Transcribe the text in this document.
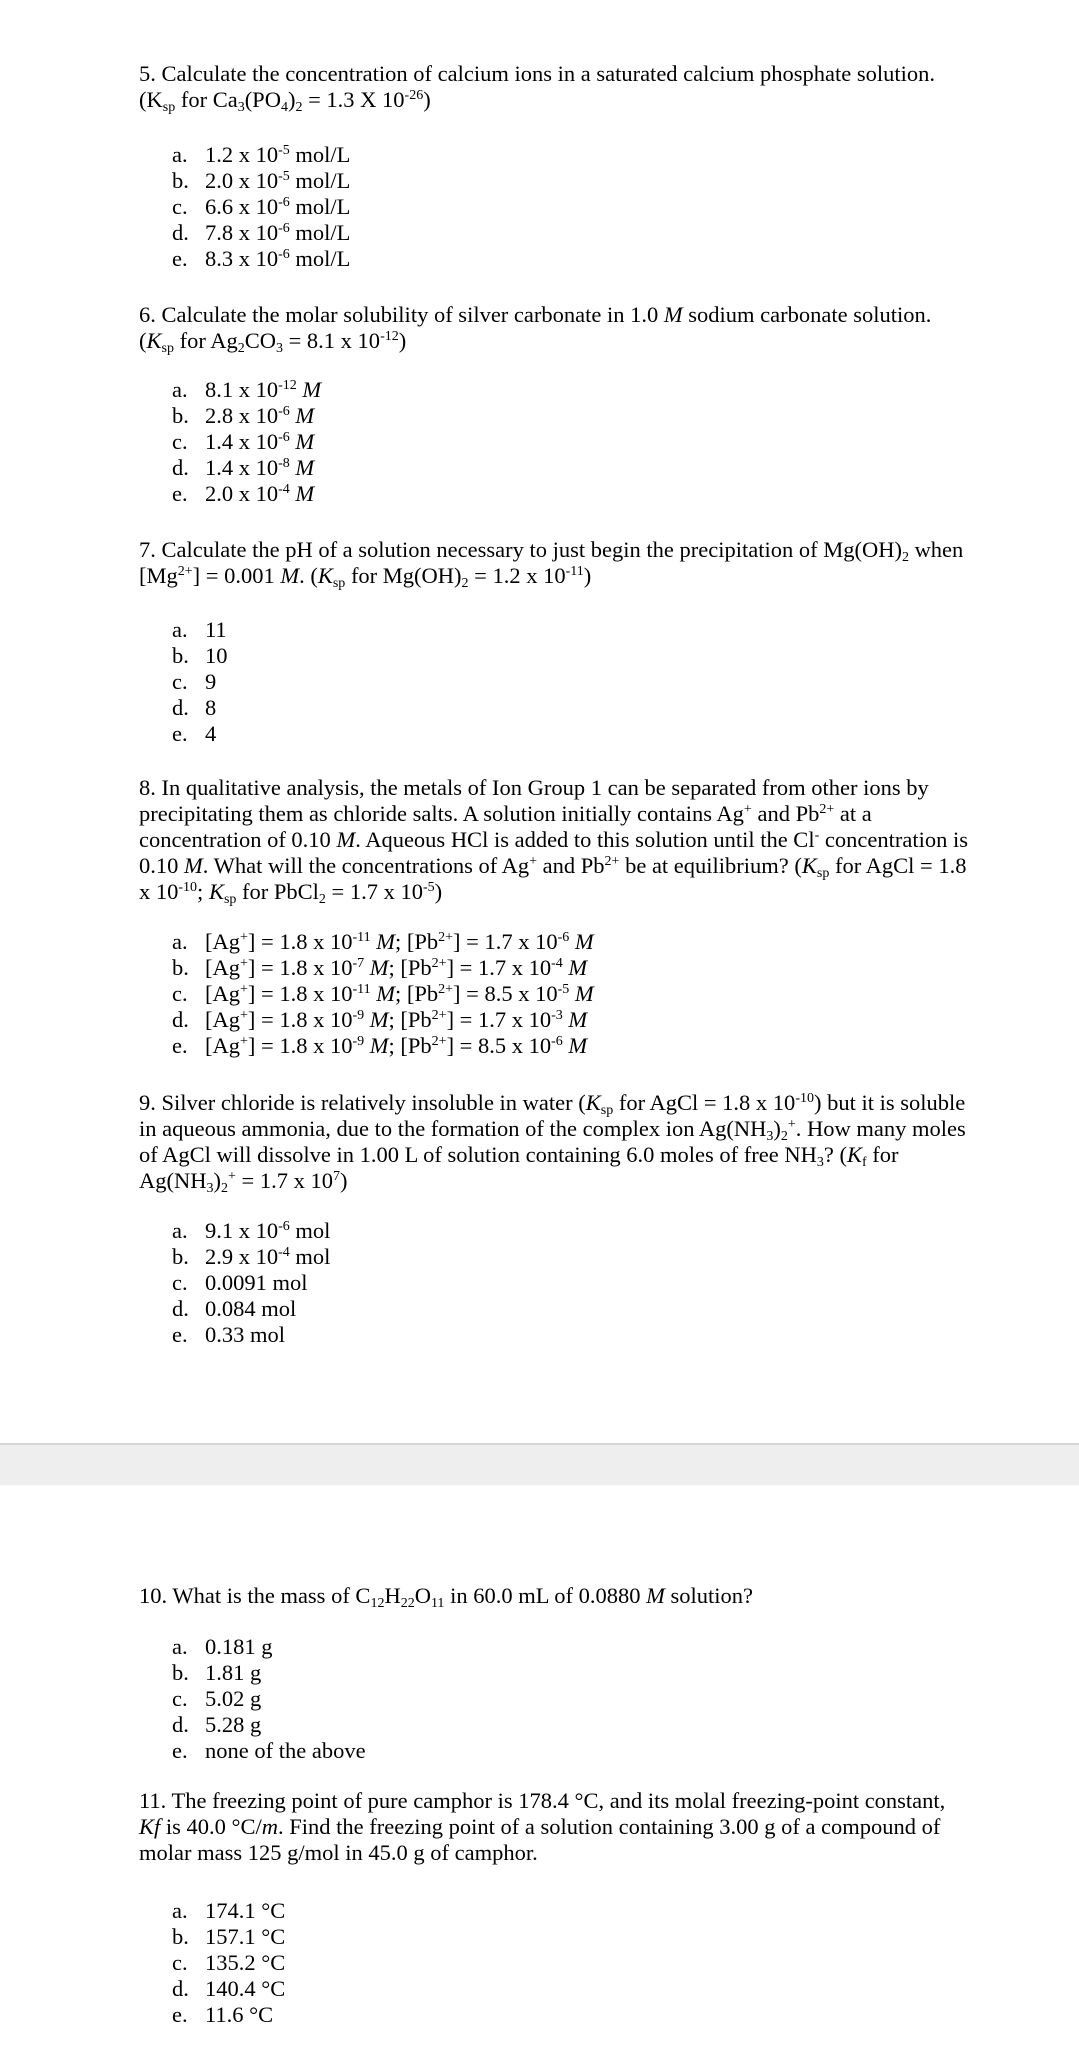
5. Calculate the concentration of calcium ions in a saturated calcium phosphate solution. ($K_{sp}$ for $Ca_3(PO_4)_2 = 1.3$ X $10^{-26}$)

a. 1.2 x $10^{-5}$ mol/L
b. 2.0 x $10^{-5}$ mol/L
c. 6.6 x $10^{-6}$ mol/L
d. 7.8 x $10^{-6}$ mol/L
e. 8.3 x $10^{-6}$ mol/L

6. Calculate the molar solubility of silver carbonate in 1.0 M sodium carbonate solution. ($K_{sp}$ for $Ag_2CO_3 = 8.1$ x $10^{-12}$)

a. 8.1 x $10^{-12}$ M
b. 2.8 x $10^{-6}$ M
c. 1.4 x $10^{-6}$ M
d. 1.4 x $10^{-8}$ M
e. 2.0 x $10^{-4}$ M

7. Calculate the pH of a solution necessary to just begin the precipitation of $Mg(OH)_2$ when $[Mg^{2+}] = 0.001$ M. ($K_{sp}$ for $Mg(OH)_2 = 1.2$ x $10^{-11}$)

a. 11
b. 10
c. 9
d. 8
e. 4

8. In qualitative analysis, the metals of Ion Group 1 can be separated from other ions by precipitating them as chloride salts. A solution initially contains Ag+ and $Pb^{2+}$ at a concentration of 0.10 M. Aqueous HCl is added to this solution until the Cl- concentration is 0.10 M. What will the concentrations of Ag+ and $Pb^{2+}$ be at equilibrium? ($K_{sp}$ for AgCl = 1.8 x $10^{-10}$; $K_{sp}$ for PbCl$_2$ = 1.7 x $10^{-5}$)

a. [Ag+] = 1.8 x $10^{-11}$ M; $[Pb^{2+}] = 1.7$ x $10^{-6}$ M
b. [Ag+] = 1.8 x $10^{-7}$ M; $[Pb^{2+}] = 1.7$ x $10^{-4}$ M
c. [Ag+] = 1.8 x $10^{-11}$ M; $[Pb^{2+}] = 8.5$ x $10^{-5}$ M
d. [Ag+] = 1.8 x $10^{-9}$ M; $[Pb^{2+}] = 1.7$ x $10^{-3}$ M
e. [Ag+] = 1.8 x $10^{-9}$ M; $[Pb^{2+}] = 8.5$ x $10^{-6}$ M

9. Silver chloride is relatively insoluble in water ($K_{sp}$ for AgCl = 1.8 x $10^{-10}$) but it is soluble in aqueous ammonia, due to the formation of the complex ion $Ag(NH_3)_2^+$. How many moles of AgCl will dissolve in 1.00 L of solution containing 6.0 moles of free $NH_3$? ($K_f$ for $Ag(NH_3)_2^+ = 1.7$ x $10^7$)

a. 9.1 x $10^{-6}$ mol
b. 2.9 x $10^{-4}$ mol
c. 0.0091 mol
d. 0.084 mol
e. 0.33 mol

10. What is the mass of $C_{12}H_{22}O_{11}$ in 60.0 mL of 0.0880 M solution?

a. 0.181 g
b. 1.81 g
c. 5.02 g
d. 5.28 g
e. none of the above

11. The freezing point of pure camphor is 178.4 °C, and its molal freezing-point constant, Kf is 40.0 °C/m. Find the freezing point of a solution containing 3.00 g of a compound of molar mass 125 g/mol in 45.0 g of camphor.

a. 174.1 °C
b. 157.1 °C
c. 135.2 °C
d. 140.4 °C
e. 11.6 °C
